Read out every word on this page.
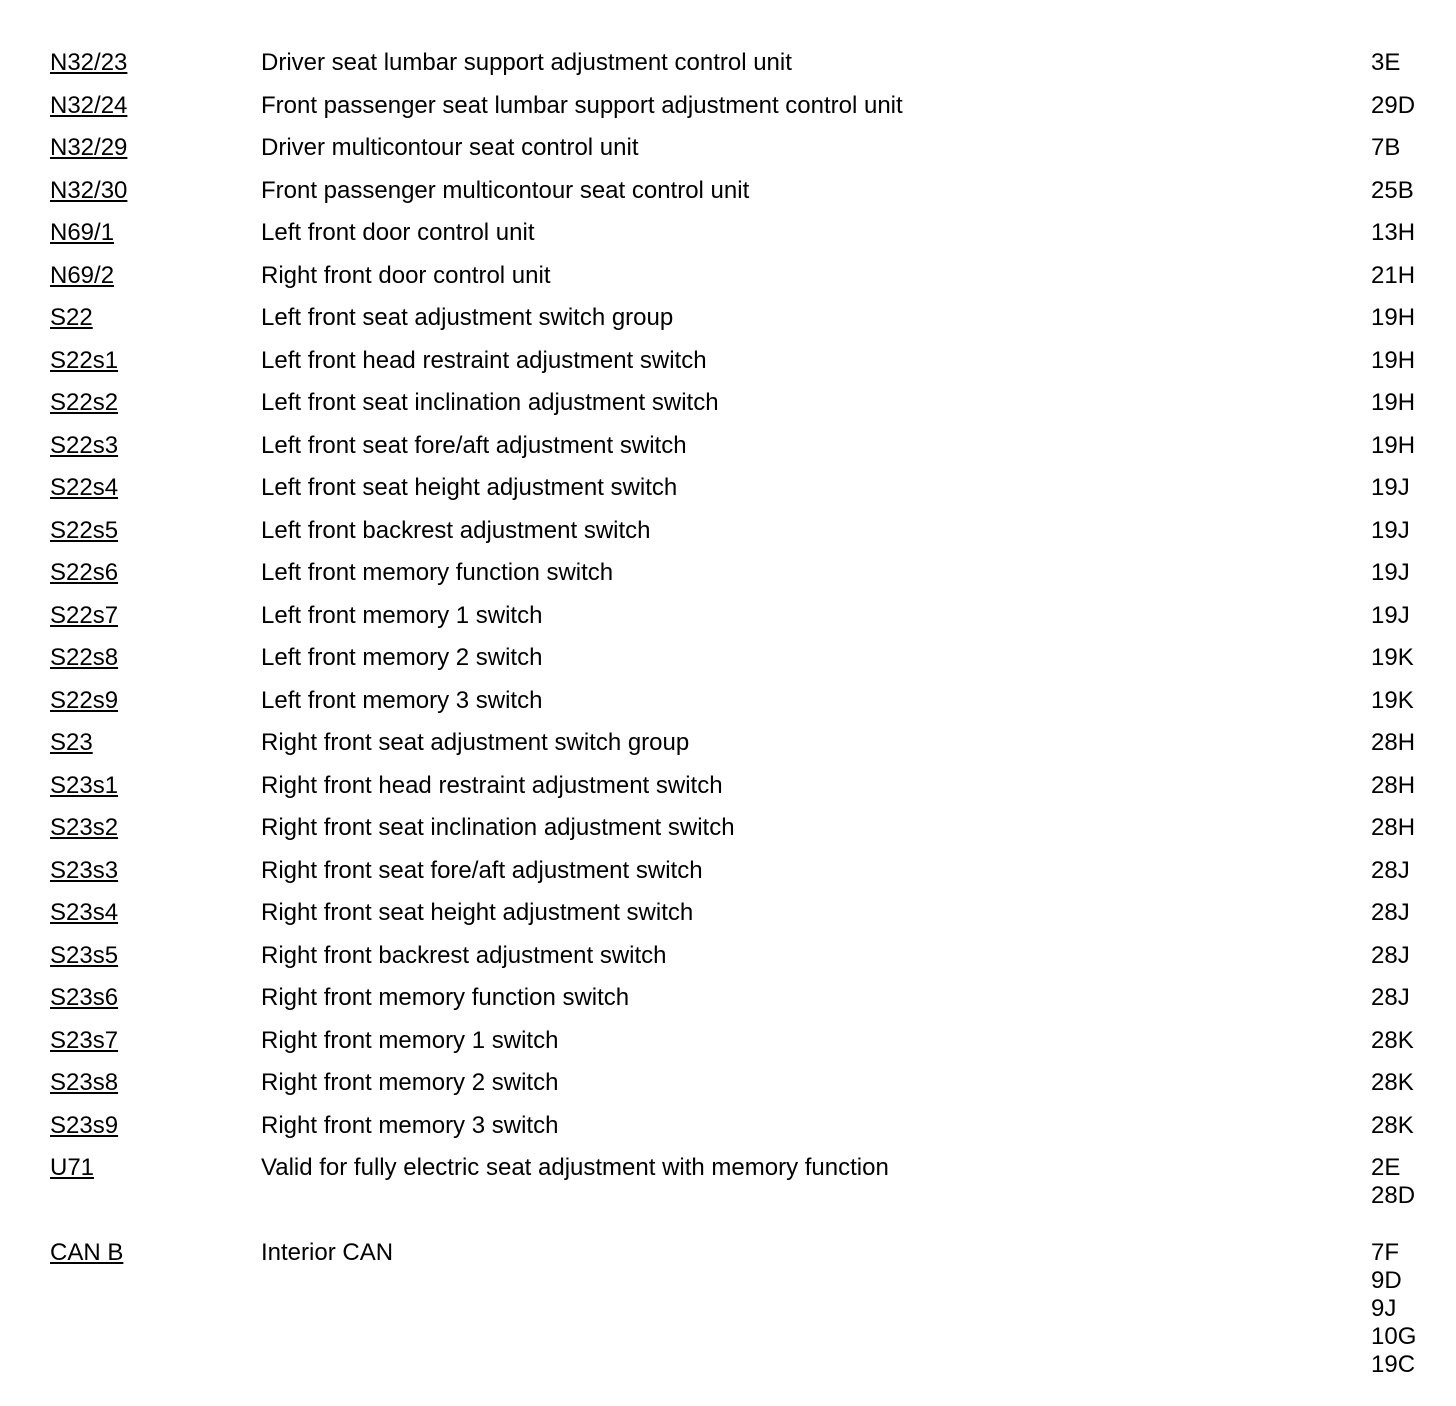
N32/23	Driver seat lumbar support adjustment control unit	3E
N32/24	Front passenger seat lumbar support adjustment control unit	29D
N32/29	Driver multicontour seat control unit	7B
N32/30	Front passenger multicontour seat control unit	25B
N69/1	Left front door control unit	13H
N69/2	Right front door control unit	21H
S22	Left front seat adjustment switch group	19H
S22s1	Left front head restraint adjustment switch	19H
S22s2	Left front seat inclination adjustment switch	19H
S22s3	Left front seat fore/aft adjustment switch	19H
S22s4	Left front seat height adjustment switch	19J
S22s5	Left front backrest adjustment switch	19J
S22s6	Left front memory function switch	19J
S22s7	Left front memory 1 switch	19J
S22s8	Left front memory 2 switch	19K
S22s9	Left front memory 3 switch	19K
S23	Right front seat adjustment switch group	28H
S23s1	Right front head restraint adjustment switch	28H
S23s2	Right front seat inclination adjustment switch	28H
S23s3	Right front seat fore/aft adjustment switch	28J
S23s4	Right front seat height adjustment switch	28J
S23s5	Right front backrest adjustment switch	28J
S23s6	Right front memory function switch	28J
S23s7	Right front memory 1 switch	28K
S23s8	Right front memory 2 switch	28K
S23s9	Right front memory 3 switch	28K
U71	Valid for fully electric seat adjustment with memory function	2E
28D
CAN B	Interior CAN	7F
9D
9J
10G
19C
